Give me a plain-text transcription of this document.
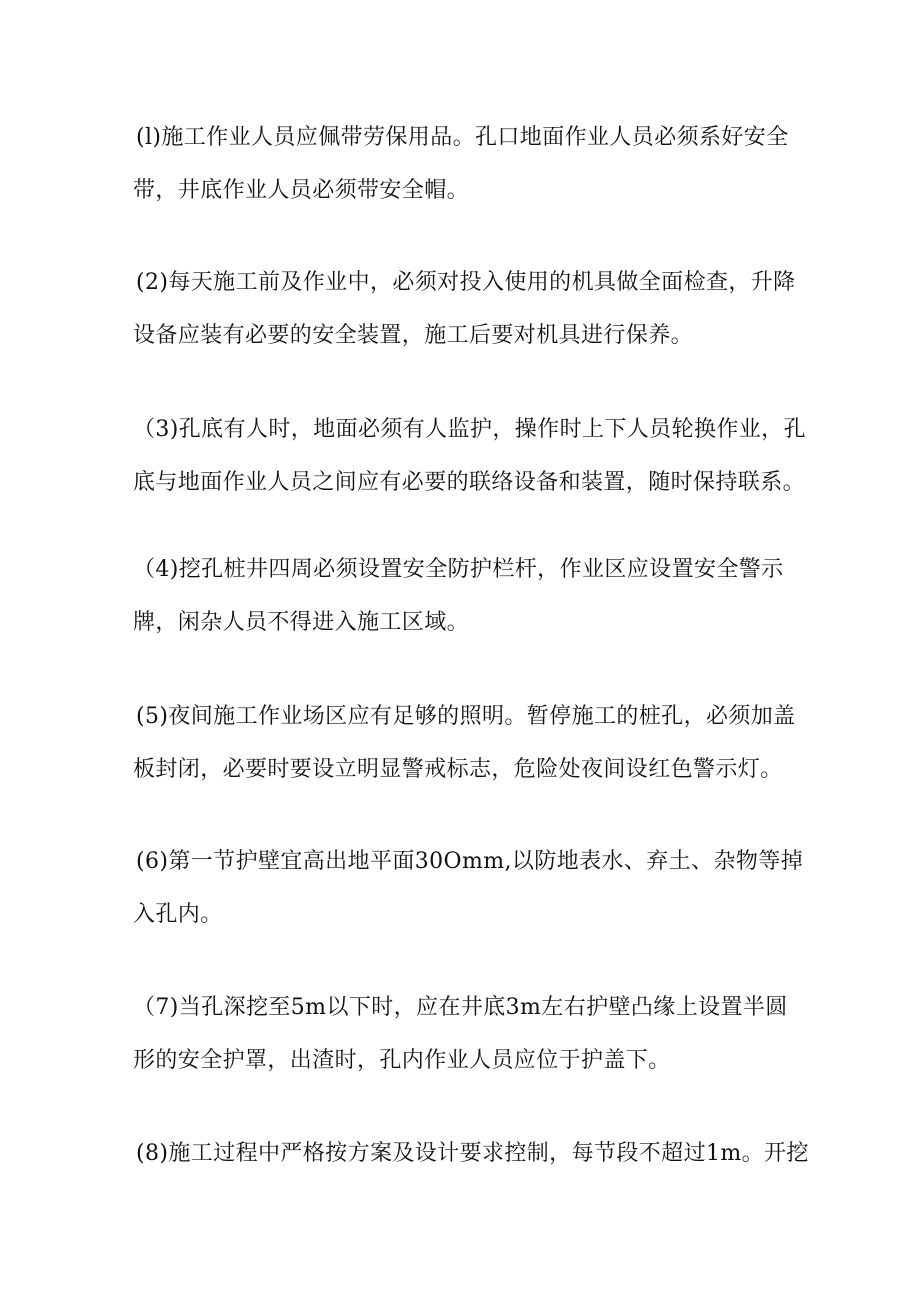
(l)施工作业人员应佩带劳保用品。孔口地面作业人员必须系好安全
带，井底作业人员必须带安全帽。

(2)每天施工前及作业中，必须对投入使用的机具做全面检查，升降
设备应装有必要的安全装置，施工后要对机具进行保养。

（3)孔底有人时，地面必须有人监护，操作时上下人员轮换作业，孔
底与地面作业人员之间应有必要的联络设备和装置，随时保持联系。

（4)挖孔桩井四周必须设置安全防护栏杆，作业区应设置安全警示
牌，闲杂人员不得进入施工区域。

(5)夜间施工作业场区应有足够的照明。暂停施工的桩孔，必须加盖
板封闭，必要时要设立明显警戒标志，危险处夜间设红色警示灯。

(6)第一节护壁宜高出地平面30Omm,以防地表水、弃土、杂物等掉
入孔内。

（7)当孔深挖至5m以下时，应在井底3m左右护壁凸缘上设置半圆
形的安全护罩，出渣时，孔内作业人员应位于护盖下。

(8)施工过程中严格按方案及设计要求控制，每节段不超过1m。开挖
